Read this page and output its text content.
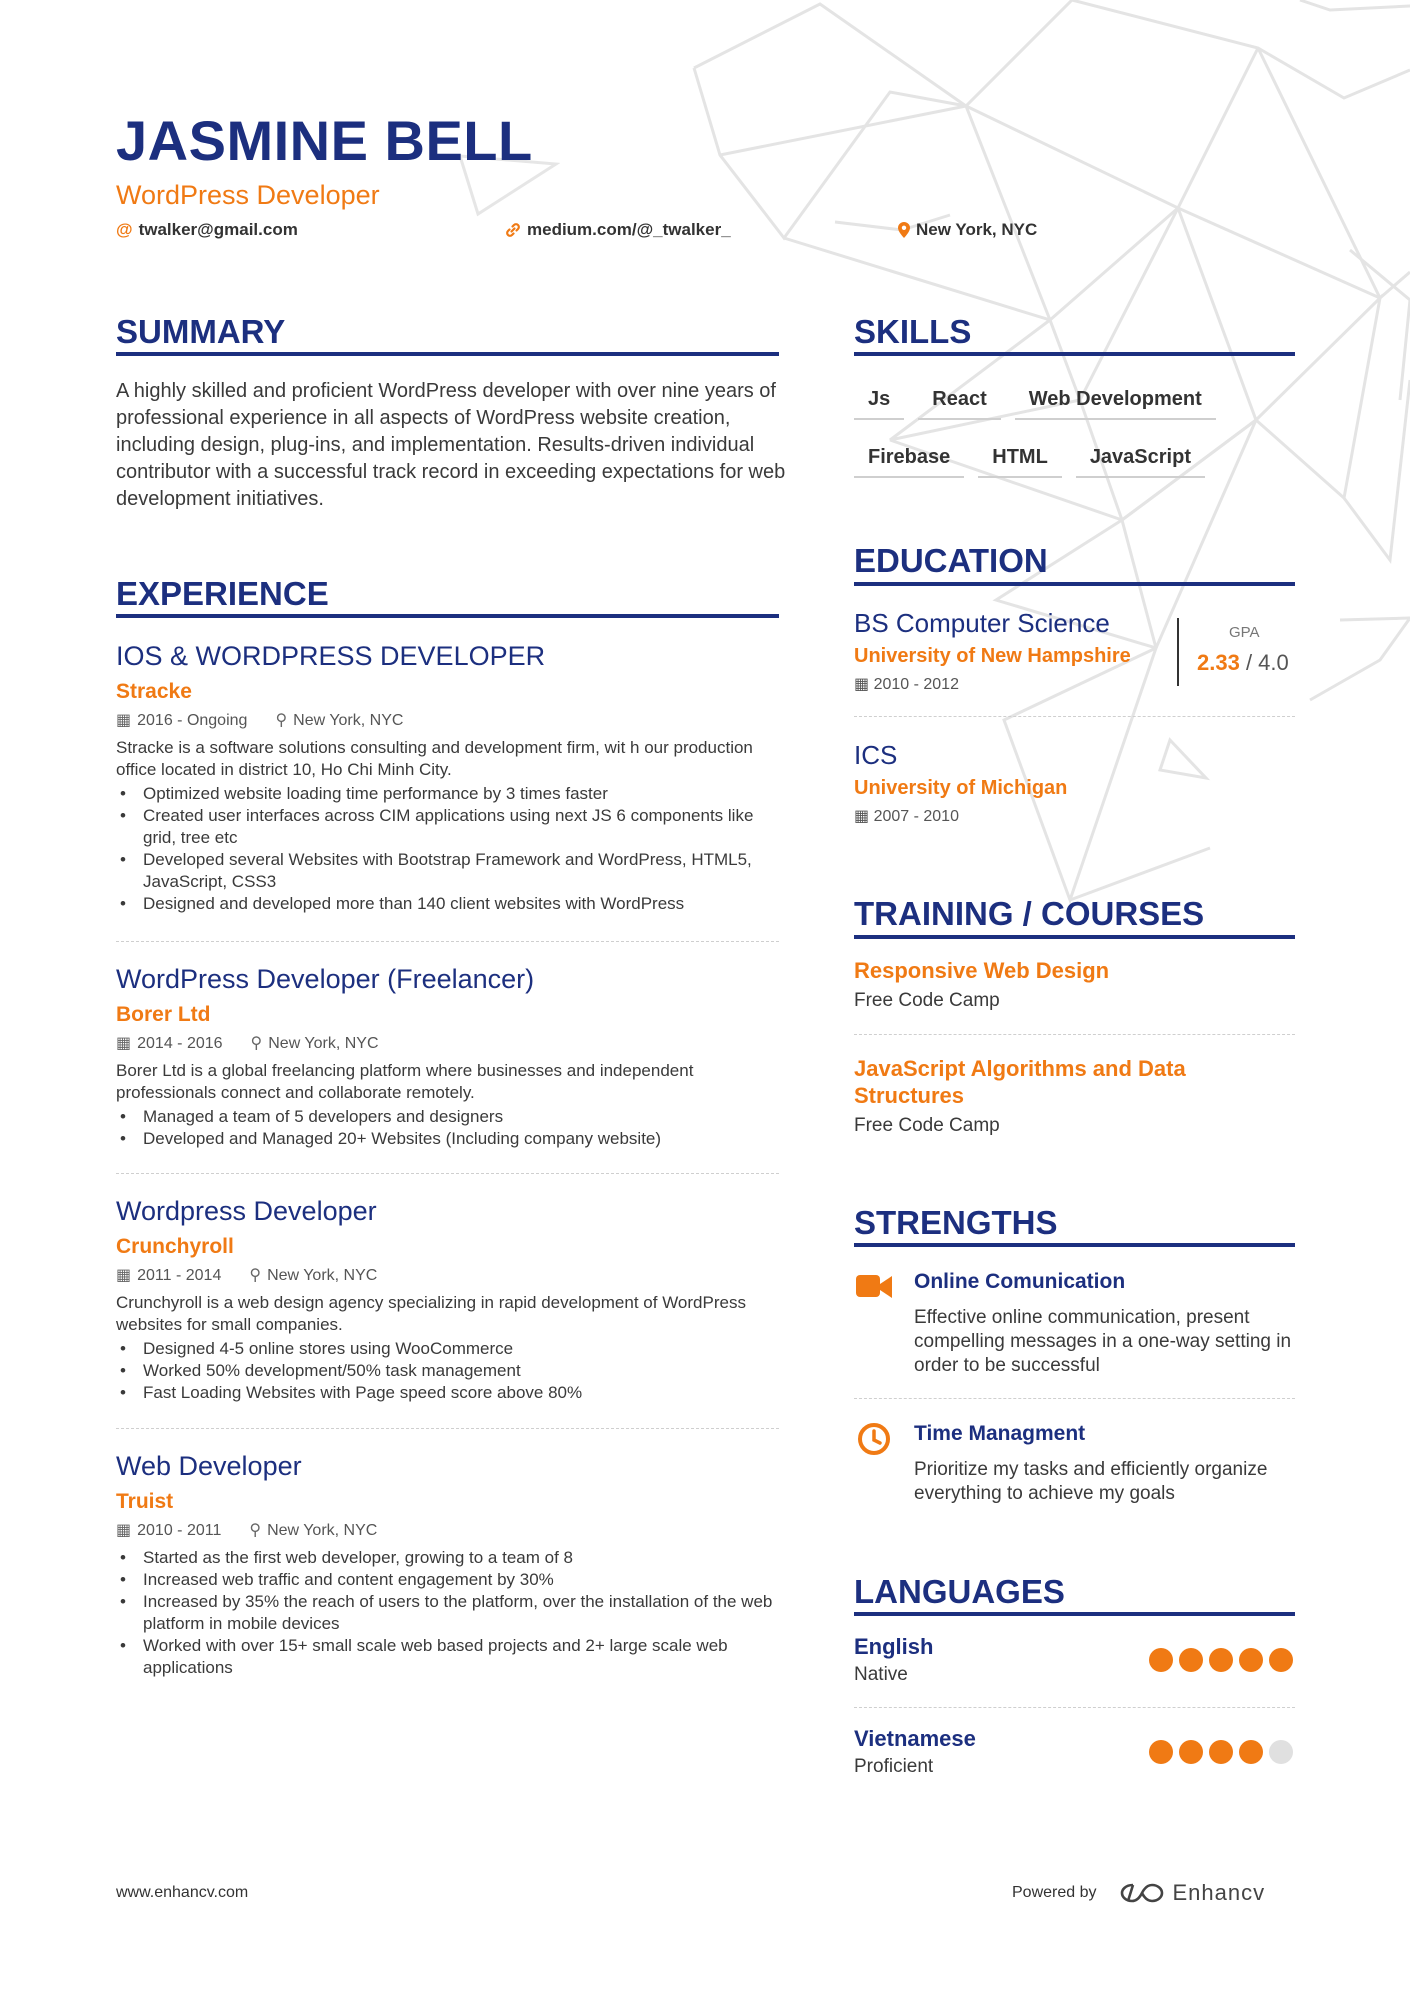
JASMINE BELL
WordPress Developer
@ twalker@gmail.com	medium.com/@_twalker_	New York, NYC
SUMMARY
A highly skilled and proficient WordPress developer with over nine years of professional experience in all aspects of WordPress website creation, including design, plug-ins, and implementation. Results-driven individual contributor with a successful track record in exceeding expectations for web development initiatives.
EXPERIENCE
IOS & WORDPRESS DEVELOPER
Stracke
▦ 2016 - Ongoing ⚲ New York, NYC
Stracke is a software solutions consulting and development firm, wit h our production office located in district 10, Ho Chi Minh City.
• Optimized website loading time performance by 3 times faster
• Created user interfaces across CIM applications using next JS 6 components like grid, tree etc
• Developed several Websites with Bootstrap Framework and WordPress, HTML5, JavaScript, CSS3
• Designed and developed more than 140 client websites with WordPress
WordPress Developer (Freelancer)
Borer Ltd
▦ 2014 - 2016 ⚲ New York, NYC
Borer Ltd is a global freelancing platform where businesses and independent professionals connect and collaborate remotely.
• Managed a team of 5 developers and designers
• Developed and Managed 20+ Websites (Including company website)
Wordpress Developer
Crunchyroll
▦ 2011 - 2014 ⚲ New York, NYC
Crunchyroll is a web design agency specializing in rapid development of WordPress websites for small companies.
• Designed 4-5 online stores using WooCommerce
• Worked 50% development/50% task management
• Fast Loading Websites with Page speed score above 80%
Web Developer
Truist
▦ 2010 - 2011 ⚲ New York, NYC
• Started as the first web developer, growing to a team of 8
• Increased web traffic and content engagement by 30%
• Increased by 35% the reach of users to the platform, over the installation of the web platform in mobile devices
• Worked with over 15+ small scale web based projects and 2+ large scale web applications
SKILLS
Js	React	Web Development
Firebase	HTML	JavaScript
EDUCATION
BS Computer Science
University of New Hampshire
▦ 2010 - 2012
GPA
2.33 / 4.0
ICS
University of Michigan
▦ 2007 - 2010
TRAINING / COURSES
Responsive Web Design
Free Code Camp
JavaScript Algorithms and Data Structures
Free Code Camp
STRENGTHS
Online Comunication
Effective online communication, present compelling messages in a one-way setting in order to be successful
Time Managment
Prioritize my tasks and efficiently organize everything to achieve my goals
LANGUAGES
English
Native
Vietnamese
Proficient
www.enhancv.com	Powered by	Enhancv
